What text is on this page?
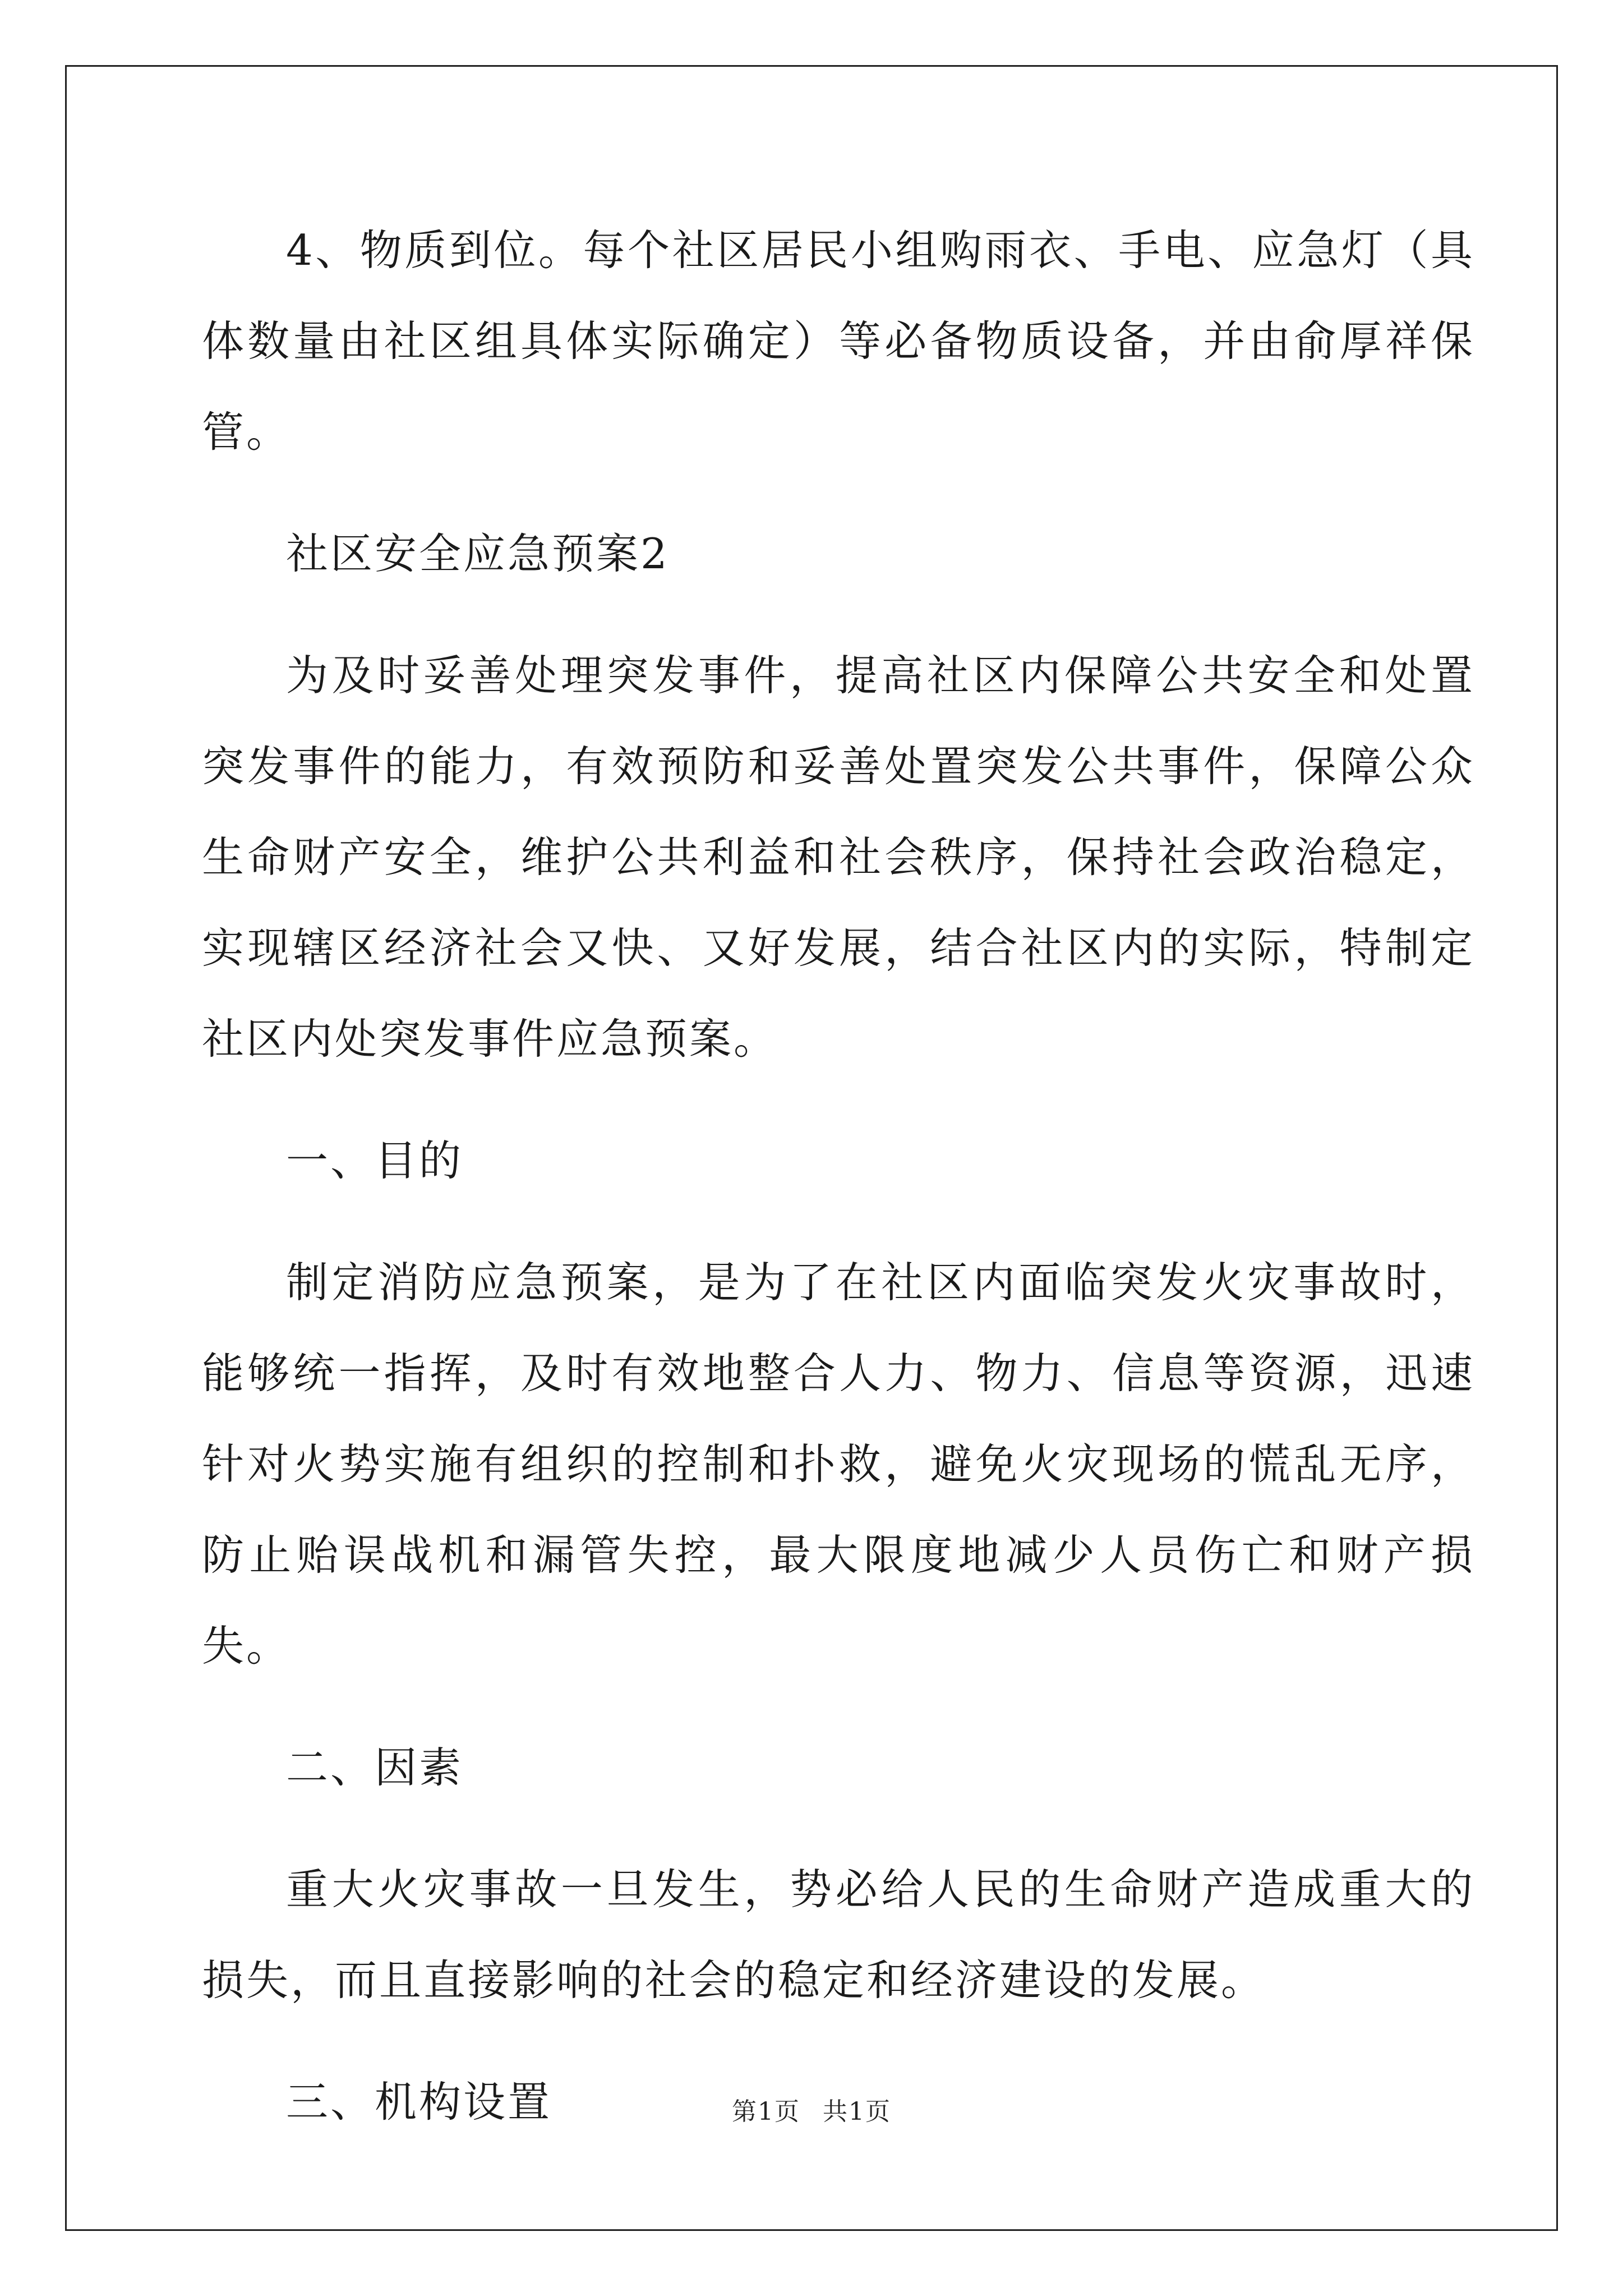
4、物质到位。每个社区居民小组购雨衣、手电、应急灯（具体数量由社区组具体实际确定）等必备物质设备，并由俞厚祥保管。

社区安全应急预案2

为及时妥善处理突发事件，提高社区内保障公共安全和处置突发事件的能力，有效预防和妥善处置突发公共事件，保障公众生命财产安全，维护公共利益和社会秩序，保持社会政治稳定，实现辖区经济社会又快、又好发展，结合社区内的实际，特制定社区内处突发事件应急预案。

一、目的

制定消防应急预案，是为了在社区内面临突发火灾事故时，能够统一指挥，及时有效地整合人力、物力、信息等资源，迅速针对火势实施有组织的控制和扑救，避免火灾现场的慌乱无序，防止贻误战机和漏管失控，最大限度地减少人员伤亡和财产损失。

二、因素

重大火灾事故一旦发生，势必给人民的生命财产造成重大的损失，而且直接影响的社会的稳定和经济建设的发展。

三、机构设置	第1页 共1页
